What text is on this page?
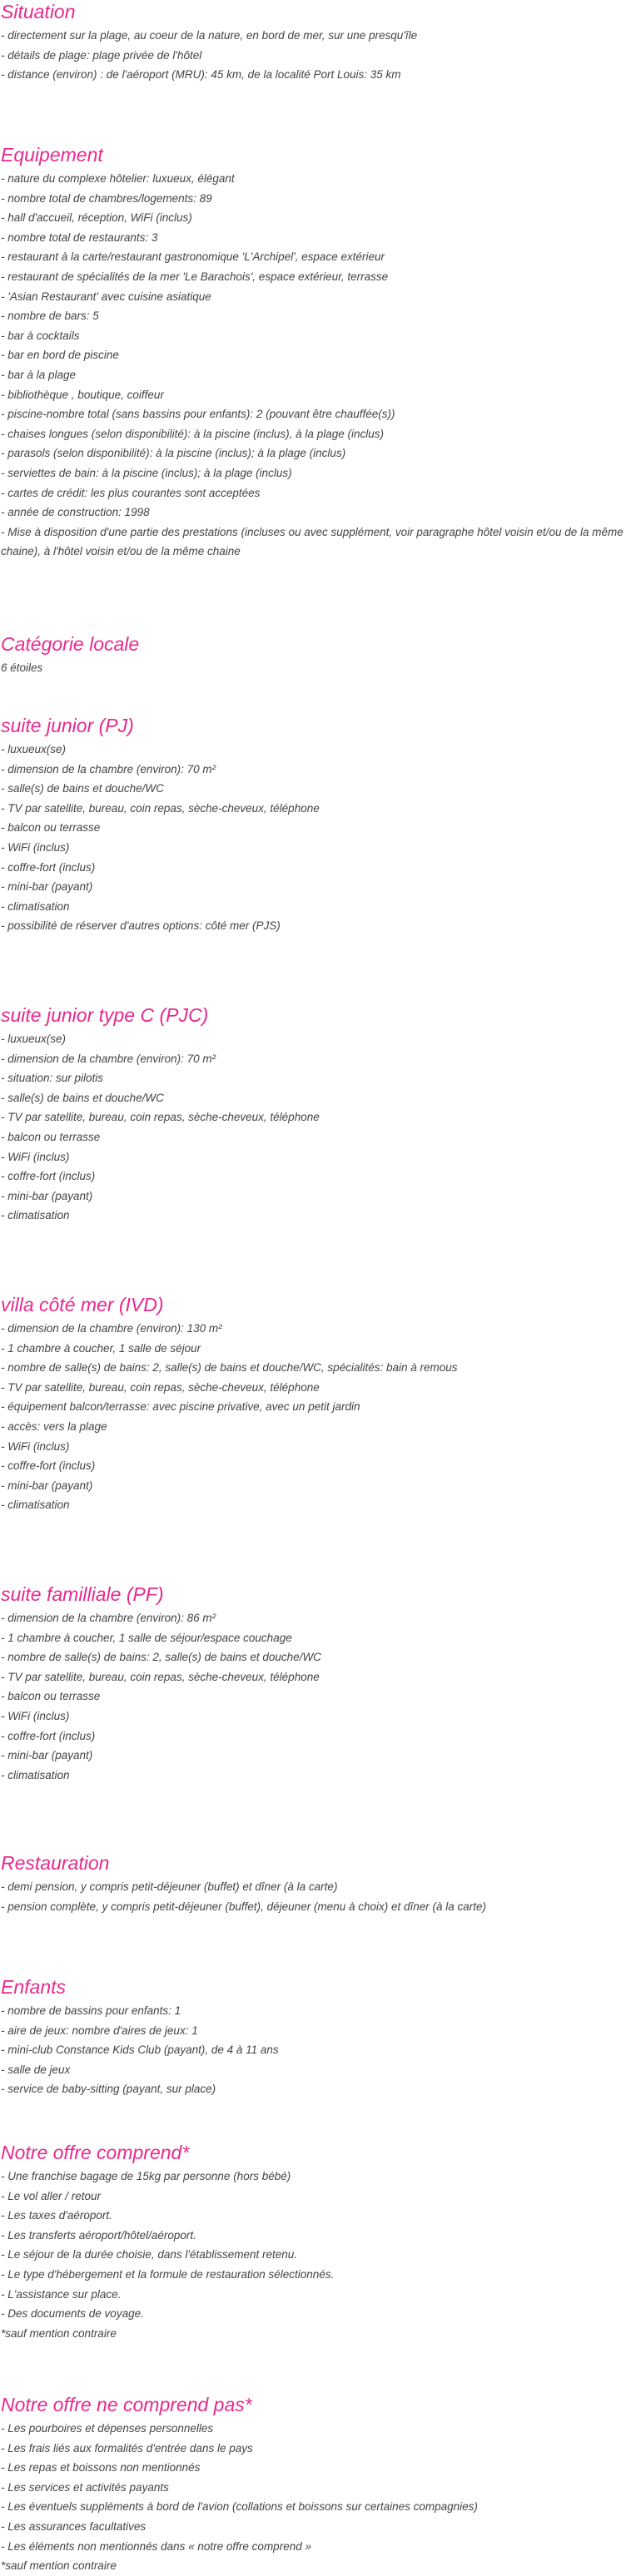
Situation
- directement sur la plage, au coeur de la nature, en bord de mer, sur une presqu'île
- détails de plage: plage privée de l'hôtel
- distance (environ) : de l'aéroport (MRU): 45 km, de la localité Port Louis: 35 km
Equipement
- nature du complexe hôtelier: luxueux, élégant
- nombre total de chambres/logements: 89
- hall d'accueil, réception, WiFi (inclus)
- nombre total de restaurants: 3
- restaurant à la carte/restaurant gastronomique 'L'Archipel', espace extérieur
- restaurant de spécialités de la mer 'Le Barachois', espace extérieur, terrasse
- 'Asian Restaurant' avec cuisine asiatique
- nombre de bars: 5
- bar à cocktails
- bar en bord de piscine
- bar à la plage
- bibliothèque , boutique, coiffeur
- piscine-nombre total (sans bassins pour enfants): 2 (pouvant être chauffée(s))
- chaises longues (selon disponibilité): à la piscine (inclus), à la plage (inclus)
- parasols (selon disponibilité): à la piscine (inclus); à la plage (inclus)
- serviettes de bain: à la piscine (inclus); à la plage (inclus)
- cartes de crédit: les plus courantes sont acceptées
- année de construction: 1998
- Mise à disposition d'une partie des prestations (incluses ou avec supplément, voir paragraphe hôtel voisin et/ou de la même chaine), à l'hôtel voisin et/ou de la même chaine
Catégorie locale
6 étoiles
suite junior (PJ)
- luxueux(se)
- dimension de la chambre (environ): 70 m²
- salle(s) de bains et douche/WC
- TV par satellite, bureau, coin repas, sèche-cheveux, téléphone
- balcon ou terrasse
- WiFi (inclus)
- coffre-fort (inclus)
- mini-bar (payant)
- climatisation
- possibilité de réserver d'autres options: côté mer (PJS)
suite junior type C (PJC)
- luxueux(se)
- dimension de la chambre (environ): 70 m²
- situation: sur pilotis
- salle(s) de bains et douche/WC
- TV par satellite, bureau, coin repas, sèche-cheveux, téléphone
- balcon ou terrasse
- WiFi (inclus)
- coffre-fort (inclus)
- mini-bar (payant)
- climatisation
villa côté mer (IVD)
- dimension de la chambre (environ): 130 m²
- 1 chambre à coucher, 1 salle de séjour
- nombre de salle(s) de bains: 2, salle(s) de bains et douche/WC, spécialités: bain à remous
- TV par satellite, bureau, coin repas, sèche-cheveux, téléphone
- équipement balcon/terrasse: avec piscine privative, avec un petit jardin
- accès: vers la plage
- WiFi (inclus)
- coffre-fort (inclus)
- mini-bar (payant)
- climatisation
suite familliale (PF)
- dimension de la chambre (environ): 86 m²
- 1 chambre à coucher, 1 salle de séjour/espace couchage
- nombre de salle(s) de bains: 2, salle(s) de bains et douche/WC
- TV par satellite, bureau, coin repas, sèche-cheveux, téléphone
- balcon ou terrasse
- WiFi (inclus)
- coffre-fort (inclus)
- mini-bar (payant)
- climatisation
Restauration
- demi pension, y compris petit-déjeuner (buffet) et dîner (à la carte)
- pension complète, y compris petit-déjeuner (buffet), déjeuner (menu à choix) et dîner (à la carte)
Enfants
- nombre de bassins pour enfants: 1
- aire de jeux: nombre d'aires de jeux: 1
- mini-club Constance Kids Club (payant), de 4 à 11 ans
- salle de jeux
- service de baby-sitting (payant, sur place)
Notre offre comprend*
- Une franchise bagage de 15kg par personne (hors bébé)
- Le vol aller / retour
- Les taxes d'aéroport.
- Les transferts aéroport/hôtel/aéroport.
- Le séjour de la durée choisie, dans l'établissement retenu.
- Le type d'hébergement et la formule de restauration sélectionnés.
- L'assistance sur place.
- Des documents de voyage.
*sauf mention contraire
Notre offre ne comprend pas*
- Les pourboires et dépenses personnelles
- Les frais liés aux formalités d'entrée dans le pays
- Les repas et boissons non mentionnés
- Les services et activités payants
- Les éventuels suppléments à bord de l'avion (collations et boissons sur certaines compagnies)
- Les assurances facultatives
- Les éléments non mentionnés dans « notre offre comprend »
*sauf mention contraire
